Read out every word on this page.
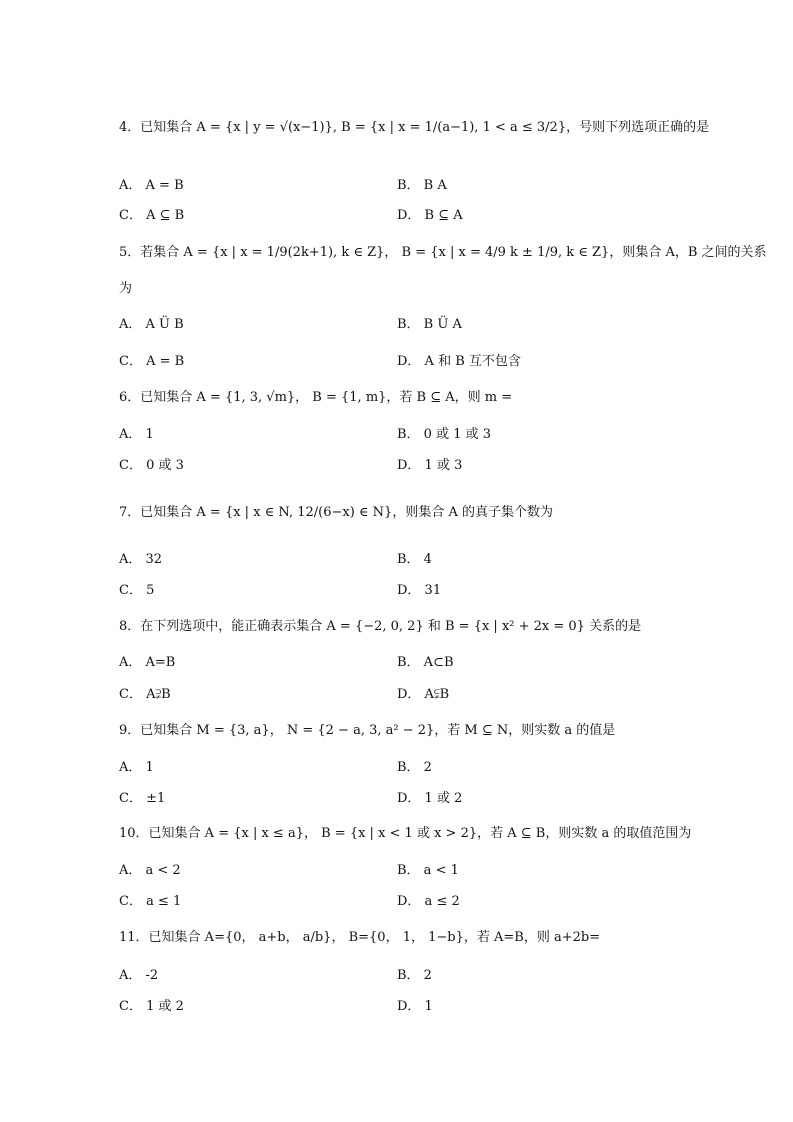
4．已知集合 A = {x | y = √(x−1)}, B = {x | x = 1/(a−1), 1 < a ≤ 3/2}，号则下列选项正确的是
A． A = B	B． B A
C． A ⊆ B	D． B ⊆ A
5．若集合 A = {x | x = 1/9(2k+1), k ∈ Z}， B = {x | x = 4/9 k ± 1/9, k ∈ Z}，则集合 A，B 之间的关系
为
A． A Ü B	B． B Ü A
C． A = B	D． A 和 B 互不包含
6．已知集合 A = {1, 3, √m}， B = {1, m}，若 B ⊆ A，则 m =
A． 1	B． 0 或 1 或 3
C． 0 或 3	D． 1 或 3
7．已知集合 A = {x | x ∈ N, 12/(6−x) ∈ N}，则集合 A 的真子集个数为
A． 32	B． 4
C． 5	D． 31
8．在下列选项中，能正确表示集合 A = {−2, 0, 2} 和 B = {x | x² + 2x = 0} 关系的是
A． A=B	B． A⊂B
C． A⫌B	D． A⫋B
9．已知集合 M = {3, a}， N = {2 − a, 3, a² − 2}，若 M ⊆ N，则实数 a 的值是
A． 1	B． 2
C． ±1	D． 1 或 2
10．已知集合 A = {x | x ≤ a}， B = {x | x < 1 或 x > 2}，若 A ⊆ B，则实数 a 的取值范围为
A． a < 2	B． a < 1
C． a ≤ 1	D． a ≤ 2
11．已知集合 A={0， a+b， a/b}， B={0， 1， 1−b}，若 A=B，则 a+2b=
A． -2	B． 2
C． 1 或 2	D． 1
